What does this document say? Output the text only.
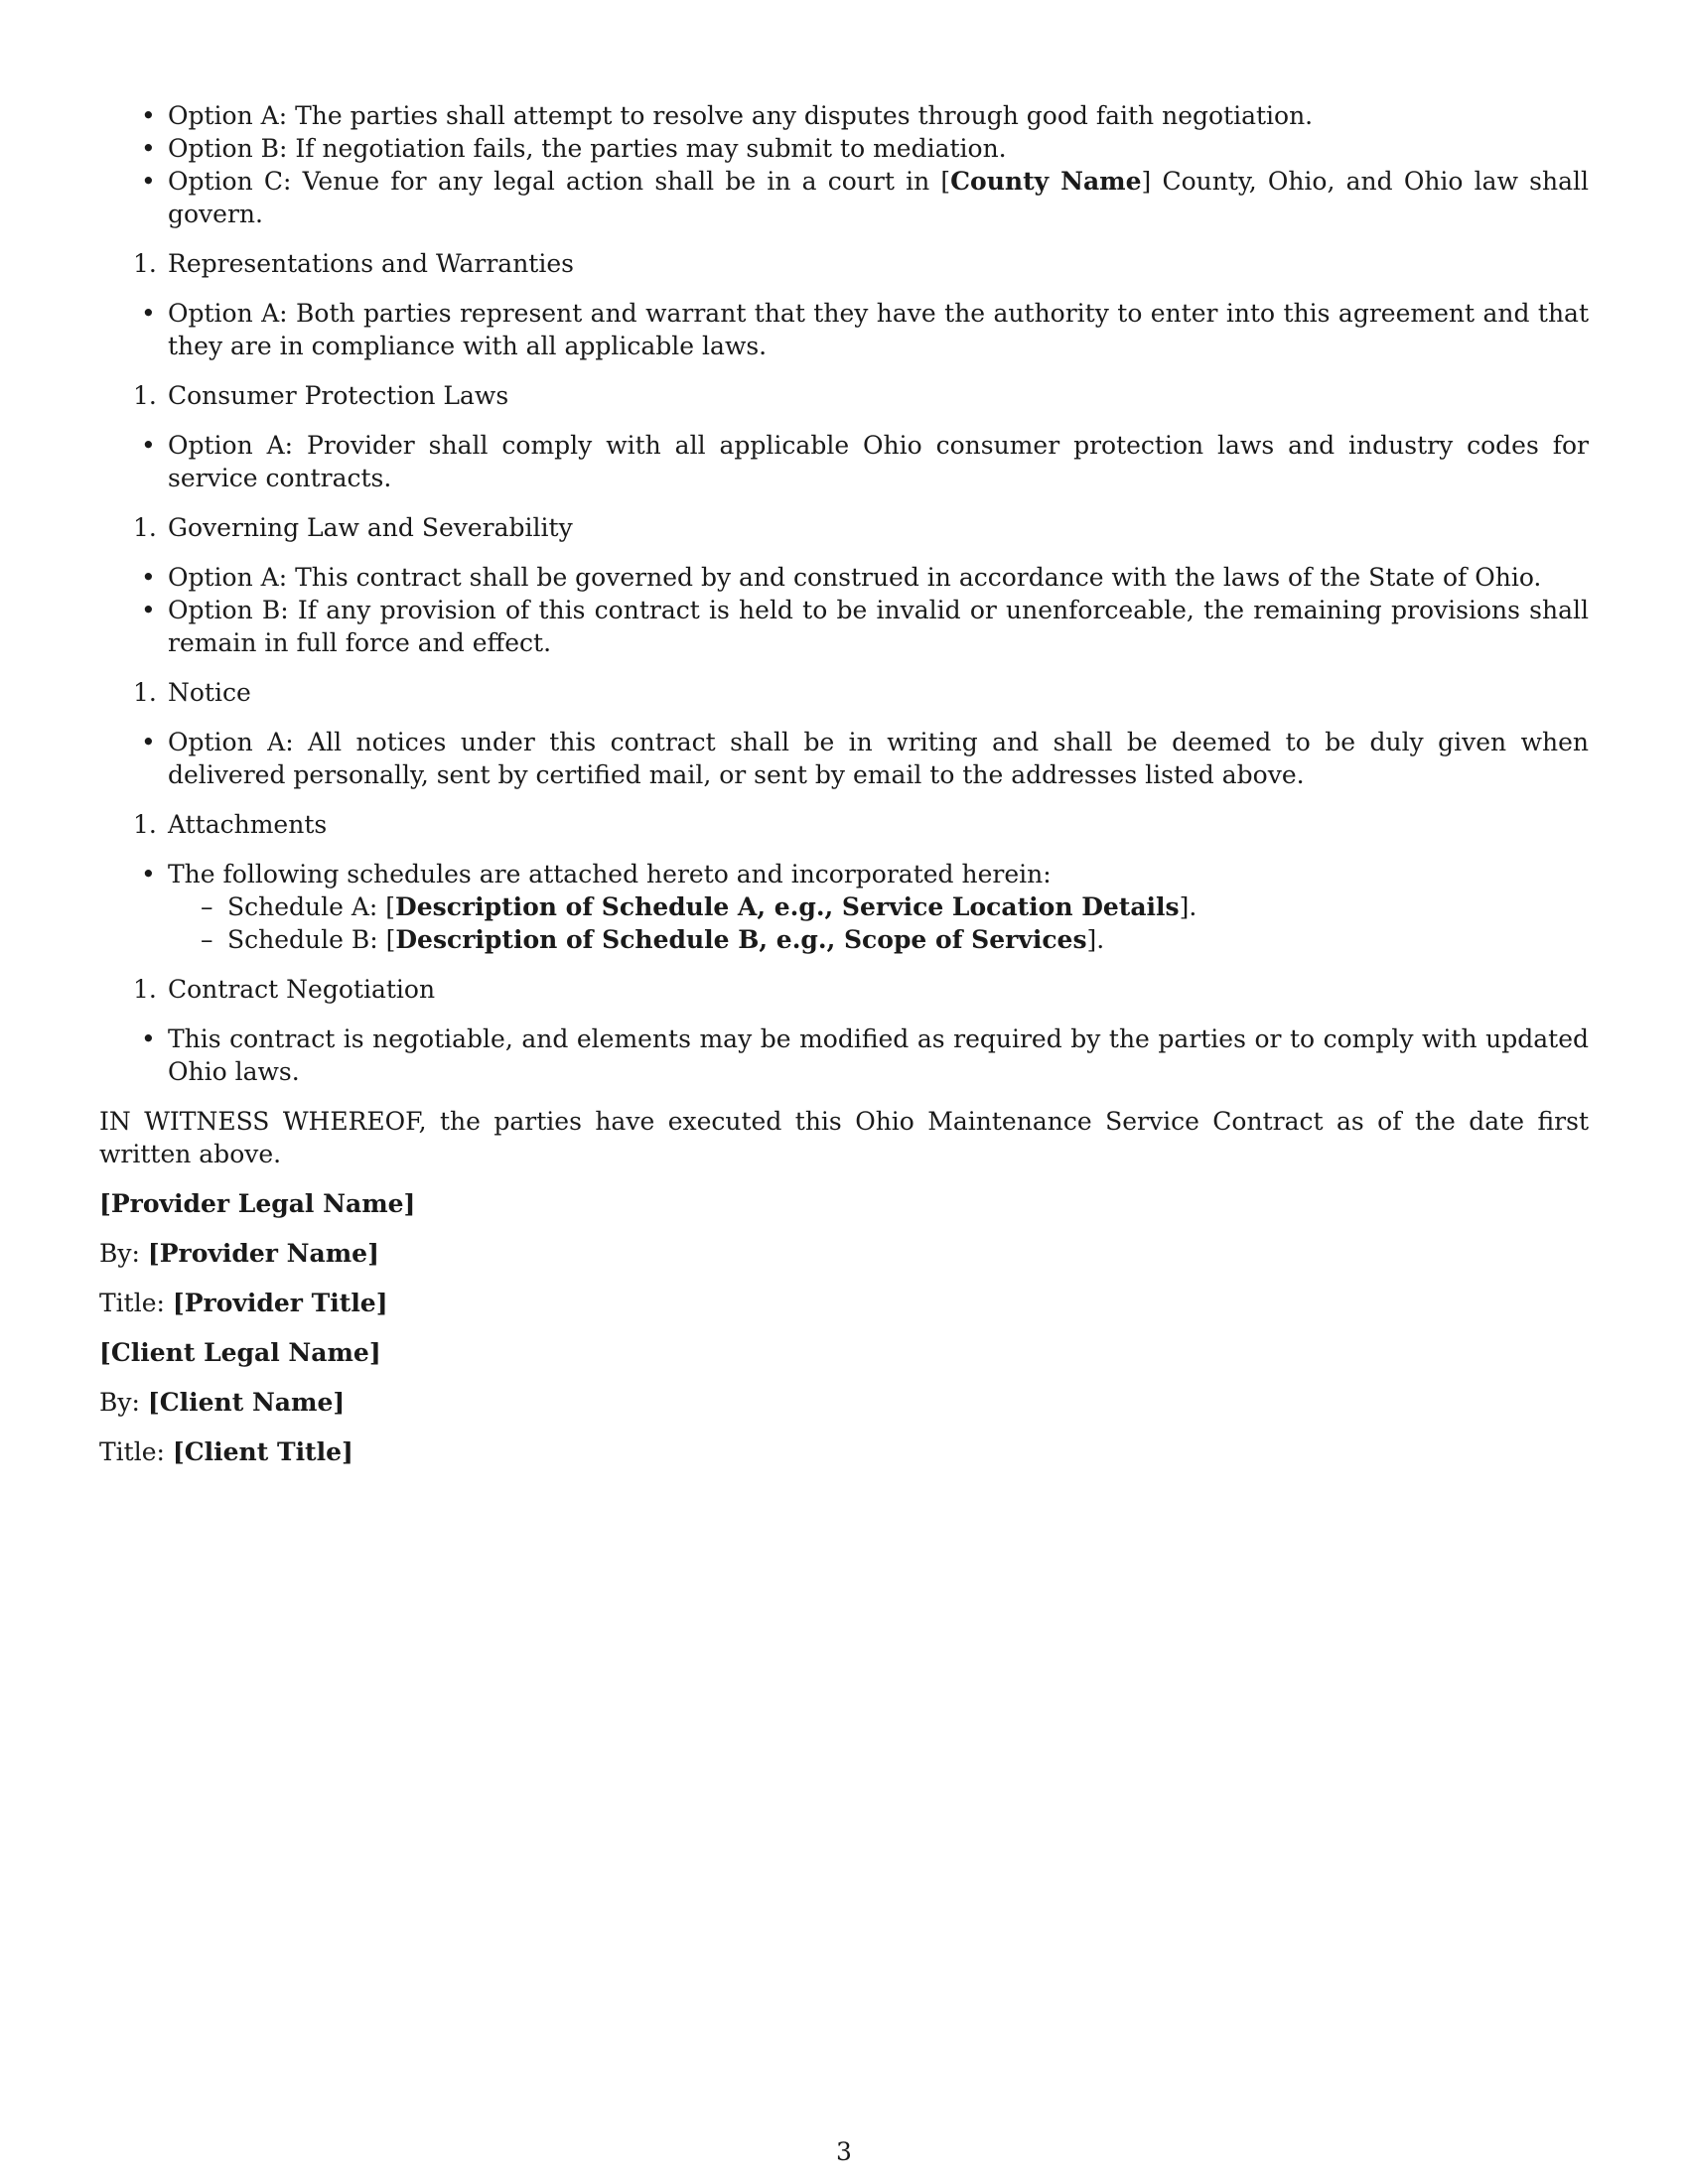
• Option A: The parties shall attempt to resolve any disputes through good faith negotiation.
• Option B: If negotiation fails, the parties may submit to mediation.
• Option C: Venue for any legal action shall be in a court in [County Name] County, Ohio, and Ohio law shall govern.
1. Representations and Warranties
• Option A: Both parties represent and warrant that they have the authority to enter into this agreement and that they are in compliance with all applicable laws.
1. Consumer Protection Laws
• Option A: Provider shall comply with all applicable Ohio consumer protection laws and industry codes for service contracts.
1. Governing Law and Severability
• Option A: This contract shall be governed by and construed in accordance with the laws of the State of Ohio.
• Option B: If any provision of this contract is held to be invalid or unenforceable, the remaining provisions shall remain in full force and effect.
1. Notice
• Option A: All notices under this contract shall be in writing and shall be deemed to be duly given when delivered personally, sent by certified mail, or sent by email to the addresses listed above.
1. Attachments
• The following schedules are attached hereto and incorporated herein:
– Schedule A: [Description of Schedule A, e.g., Service Location Details].
– Schedule B: [Description of Schedule B, e.g., Scope of Services].
1. Contract Negotiation
• This contract is negotiable, and elements may be modified as required by the parties or to comply with updated Ohio laws.

IN WITNESS WHEREOF, the parties have executed this Ohio Maintenance Service Contract as of the date first written above.

[Provider Legal Name]

By: [Provider Name]

Title: [Provider Title]

[Client Legal Name]

By: [Client Name]

Title: [Client Title]

3
